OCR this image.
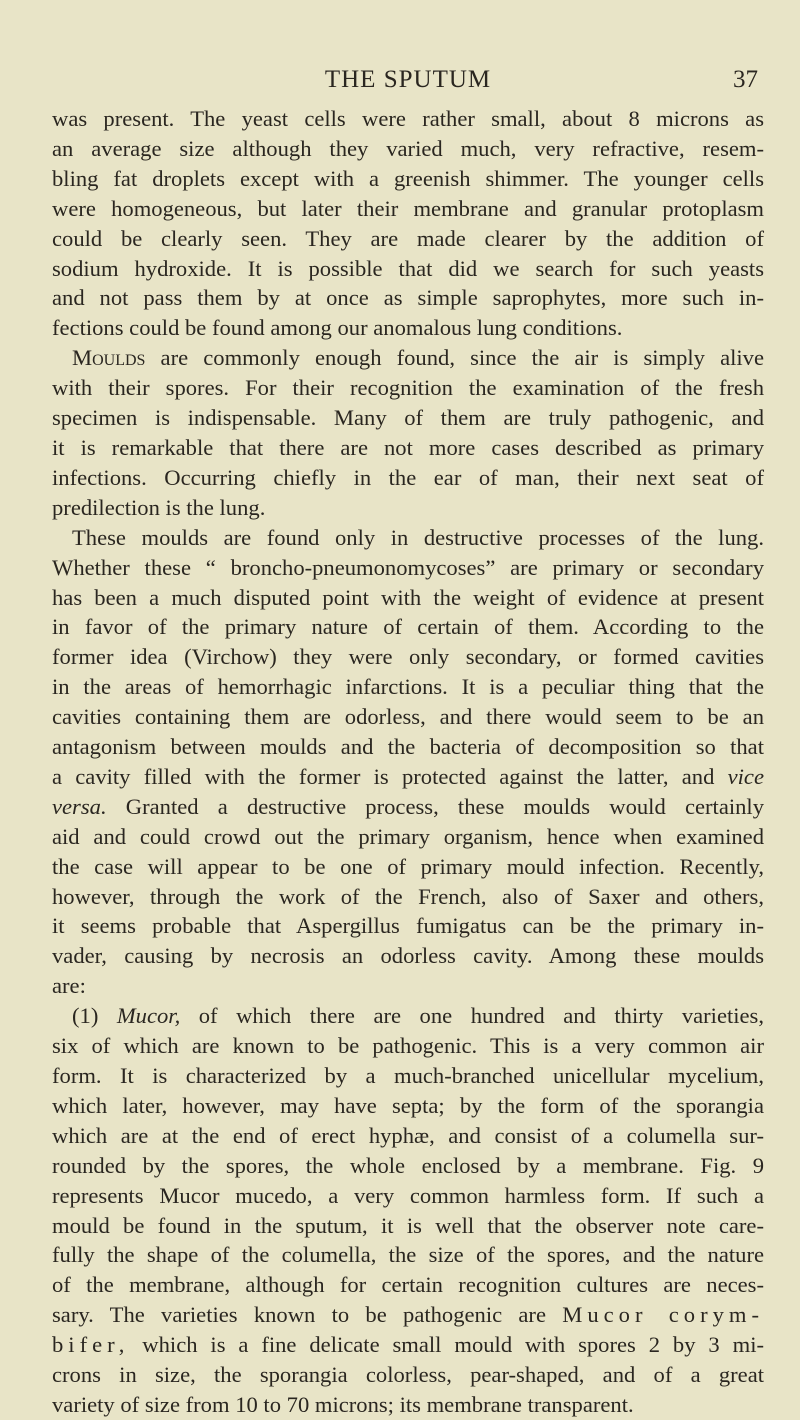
THE SPUTUM	37
was present. The yeast cells were rather small, about 8 microns as
an average size although they varied much, very refractive, resem-
bling fat droplets except with a greenish shimmer. The younger cells
were homogeneous, but later their membrane and granular protoplasm
could be clearly seen. They are made clearer by the addition of
sodium hydroxide. It is possible that did we search for such yeasts
and not pass them by at once as simple saprophytes, more such in-
fections could be found among our anomalous lung conditions.
Moulds are commonly enough found, since the air is simply alive
with their spores. For their recognition the examination of the fresh
specimen is indispensable. Many of them are truly pathogenic, and
it is remarkable that there are not more cases described as primary
infections. Occurring chiefly in the ear of man, their next seat of
predilection is the lung.
These moulds are found only in destructive processes of the lung.
Whether these “ broncho-pneumonomycoses” are primary or secondary
has been a much disputed point with the weight of evidence at present
in favor of the primary nature of certain of them. According to the
former idea (Virchow) they were only secondary, or formed cavities
in the areas of hemorrhagic infarctions. It is a peculiar thing that the
cavities containing them are odorless, and there would seem to be an
antagonism between moulds and the bacteria of decomposition so that
a cavity filled with the former is protected against the latter, and vice
versa. Granted a destructive process, these moulds would certainly
aid and could crowd out the primary organism, hence when examined
the case will appear to be one of primary mould infection. Recently,
however, through the work of the French, also of Saxer and others,
it seems probable that Aspergillus fumigatus can be the primary in-
vader, causing by necrosis an odorless cavity. Among these moulds
are:
(1) Mucor, of which there are one hundred and thirty varieties,
six of which are known to be pathogenic. This is a very common air
form. It is characterized by a much-branched unicellular mycelium,
which later, however, may have septa; by the form of the sporangia
which are at the end of erect hyphæ, and consist of a columella sur-
rounded by the spores, the whole enclosed by a membrane. Fig. 9
represents Mucor mucedo, a very common harmless form. If such a
mould be found in the sputum, it is well that the observer note care-
fully the shape of the columella, the size of the spores, and the nature
of the membrane, although for certain recognition cultures are neces-
sary. The varieties known to be pathogenic are Mucor corym-
bifer, which is a fine delicate small mould with spores 2 by 3 mi-
crons in size, the sporangia colorless, pear-shaped, and of a great
variety of size from 10 to 70 microns; its membrane transparent.
